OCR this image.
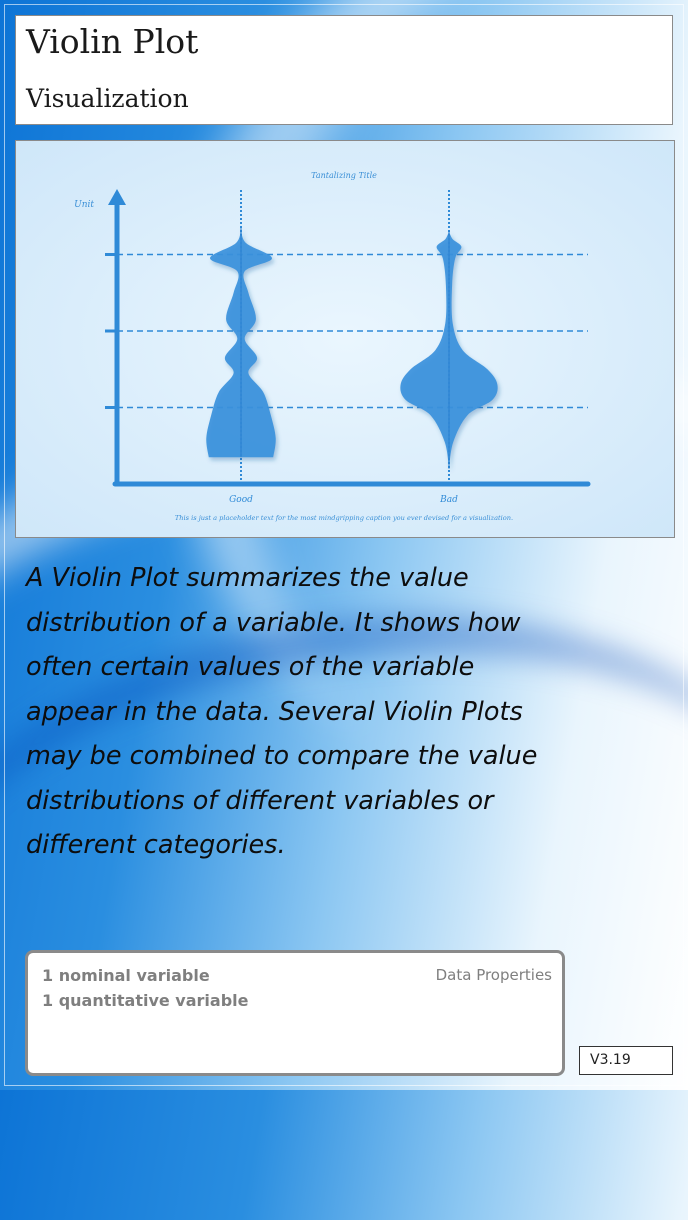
Violin Plot
Visualization
Good	Bad
Tantalizing Title
Unit
This is just a placeholder text for the most mindgripping caption you ever devised for a visualization.
A Violin Plot summarizes the value distribution of a variable. It shows how often certain values of the variable appear in the data. Several Violin Plots may be combined to compare the value distributions of different variables or different categories.
1 nominal variable
1 quantitative variable
Data Properties
V3.19
